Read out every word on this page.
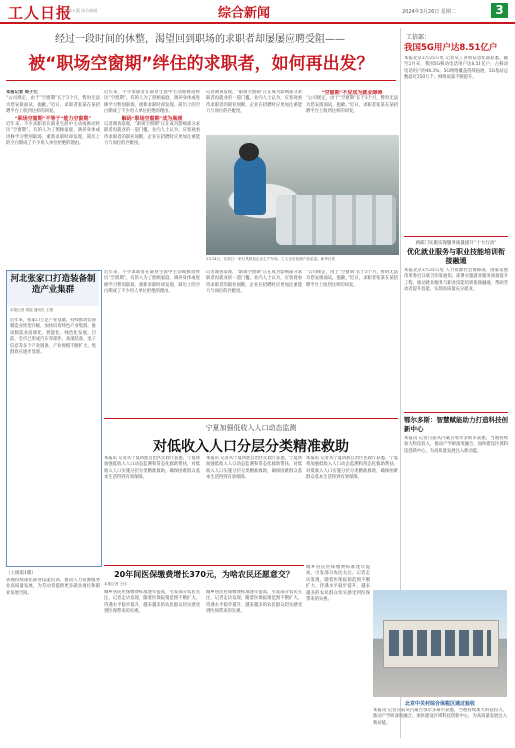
工人日报
第五版 综合新闻	综合新闻	2024年3月26日 星期二	3
经过一段时间的休整，渴望回到职场的求职者却屡屡应聘受阻——
被“职场空窗期”绊住的求职者，如何再出发？
本报记者 周子元
“公司规定，由于“空窗期”长于3个月，暂时无法为您安排面试，抱歉。”近日，求职者张某在某招聘平台上收到这样的回复。
“职场空窗期”不等于“能力空窗期”
近年来，不少求职者在职业生涯中主动或被动经历“空窗期”。有的人为了照顾家庭、调养身体或进修学习暂别职场，重新求职时却发现，简历上的空白期成了不少用人单位拒绝的理由。
近年来，不少求职者在职业生涯中主动或被动经历“空窗期”。有的人为了照顾家庭、调养身体或进修学习暂别职场，重新求职时却发现，简历上的空白期成了不少用人单位拒绝的理由。
解码“职场空窗期”成为瓶颈
记者调查发现，“职场空窗期”正在成为影响部分求职者再就业的一道门槛。业内人士认为，应客观看待求职者的职业间断，企业在招聘时应更加注重能力与岗位的匹配度。
记者调查发现，“职场空窗期”正在成为影响部分求职者再就业的一道门槛。业内人士认为，应客观看待求职者的职业间断，企业在招聘时应更加注重能力与岗位的匹配度。
“空窗期”不应成为就业障碍
“公司规定，由于“空窗期”长于3个月，暂时无法为您安排面试，抱歉。”近日，求职者张某在某招聘平台上收到这样的回复。
3月24日，在浙江一家灯具制造企业生产车间，工人正在检测产品质量。新华社发
河北张家口打造装备制造产业集群
本报记者 周振 通讯员 王娟
近年来，张家口立足产业基础，持续推动装备制造业转型升级，加快培育特色产业集群，推动制造业高端化、智能化、绿色化发展。目前，全市已形成汽车零部件、高端装备、电子信息等多个产业链条，产业规模不断扩大，集群效应逐步显现。
近年来，不少求职者在职业生涯中主动或被动经历“空窗期”。有的人为了照顾家庭、调养身体或进修学习暂别职场，重新求职时却发现，简历上的空白期成了不少用人单位拒绝的理由。
记者调查发现，“职场空窗期”正在成为影响部分求职者再就业的一道门槛。业内人士认为，应客观看待求职者的职业间断，企业在招聘时应更加注重能力与岗位的匹配度。
“公司规定，由于“空窗期”长于3个月，暂时无法为您安排面试，抱歉。”近日，求职者张某在某招聘平台上收到这样的回复。
工信部：
我国5G用户达8.51亿户
本报北京3月25日电 记者从工业和信息化部获悉，截至2月末，我国5G移动电话用户达8.51亿户，占移动电话用户的48.3%。5G网络覆盖持续拓展，5G基站总数超过350万个，网络质量不断提升。
两部门实施实现服务质量提升“十大行动”
优化就业服务与职业技能培训衔接融通
本报北京3月25日电 人力资源社会保障部、国家发展改革委近日联合印发通知，部署实施就业服务质量提升工程，推动就业服务与职业技能培训衔接融通，帮助劳动者提升技能、实现高质量充分就业。
鄂尔多斯：智慧赋能助力打造科技创新中心
本报讯 记者日前从内蒙古鄂尔多斯市获悉，当地持续加大科技投入，推动产学研深度融合，加快建设区域科技创新中心，为高质量发展注入新动能。
宁夏加强低收入人口动态监测
对低收入人口分层分类精准救助
本报讯 记者从宁夏回族自治区民政厅获悉，宁夏将加强低收入人口动态监测和常态化救助帮扶，对低收入人口实施分层分类精准救助，确保困难群众基本生活得到有效保障。
本报讯 记者从宁夏回族自治区民政厅获悉，宁夏将加强低收入人口动态监测和常态化救助帮扶，对低收入人口实施分层分类精准救助，确保困难群众基本生活得到有效保障。
本报讯 记者从宁夏回族自治区民政厅获悉，宁夏将加强低收入人口动态监测和常态化救助帮扶，对低收入人口实施分层分类精准救助，确保困难群众基本生活得到有效保障。
（上接第1版）
各地持续深化职业技能培训，推动人力资源服务业高质量发展，为劳动者提供更多就业岗位和职业发展空间。
20年间医保缴费增长370元，为啥农民还愿意交？
本报记者 王伟
城乡居民医保缴费标准逐年提高，引发部分农民关注。记者走访发现，随着医保报销范围不断扩大、待遇水平稳步提升，越来越多的农民群众切实感受到医保带来的实惠。
城乡居民医保缴费标准逐年提高，引发部分农民关注。记者走访发现，随着医保报销范围不断扩大、待遇水平稳步提升，越来越多的农民群众切实感受到医保带来的实惠。
城乡居民医保缴费标准逐年提高，引发部分农民关注。记者走访发现，随着医保报销范围不断扩大、待遇水平稳步提升，越来越多的农民群众切实感受到医保带来的实惠。
北京中关村综合保税区通过验收
本报讯 记者日前从内蒙古鄂尔多斯市获悉，当地持续加大科技投入，推动产学研深度融合，加快建设区域科技创新中心，为高质量发展注入新动能。
